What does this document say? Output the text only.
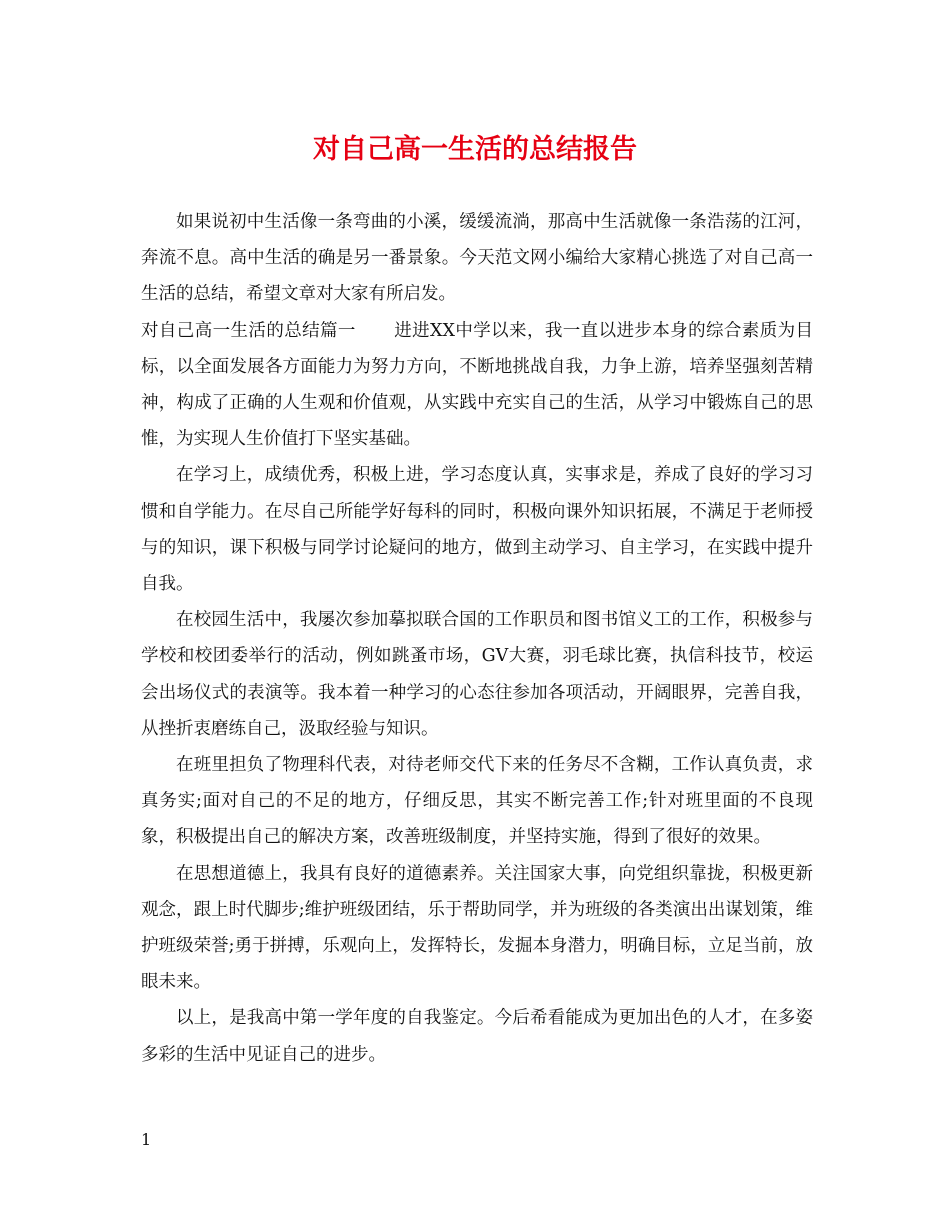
对自己高一生活的总结报告

如果说初中生活像一条弯曲的小溪，缓缓流淌，那高中生活就像一条浩荡的江河，奔流不息。高中生活的确是另一番景象。今天范文网小编给大家精心挑选了对自己高一生活的总结，希望文章对大家有所启发。

对自己高一生活的总结篇一 进进XX中学以来，我一直以进步本身的综合素质为目标，以全面发展各方面能力为努力方向，不断地挑战自我，力争上游，培养坚强刻苦精神，构成了正确的人生观和价值观，从实践中充实自己的生活，从学习中锻炼自己的思惟，为实现人生价值打下坚实基础。

在学习上，成绩优秀，积极上进，学习态度认真，实事求是，养成了良好的学习习惯和自学能力。在尽自己所能学好每科的同时，积极向课外知识拓展，不满足于老师授与的知识，课下积极与同学讨论疑问的地方，做到主动学习、自主学习，在实践中提升自我。

在校园生活中，我屡次参加摹拟联合国的工作职员和图书馆义工的工作，积极参与学校和校团委举行的活动，例如跳蚤市场，GV大赛，羽毛球比赛，执信科技节，校运会出场仪式的表演等。我本着一种学习的心态往参加各项活动，开阔眼界，完善自我，从挫折衷磨练自己，汲取经验与知识。

在班里担负了物理科代表，对待老师交代下来的任务尽不含糊，工作认真负责，求真务实;面对自己的不足的地方，仔细反思，其实不断完善工作;针对班里面的不良现象，积极提出自己的解决方案，改善班级制度，并坚持实施，得到了很好的效果。

在思想道德上，我具有良好的道德素养。关注国家大事，向党组织靠拢，积极更新观念，跟上时代脚步;维护班级团结，乐于帮助同学，并为班级的各类演出出谋划策，维护班级荣誉;勇于拼搏，乐观向上，发挥特长，发掘本身潜力，明确目标，立足当前，放眼未来。

以上，是我高中第一学年度的自我鉴定。今后希看能成为更加出色的人才，在多姿多彩的生活中见证自己的进步。

1
